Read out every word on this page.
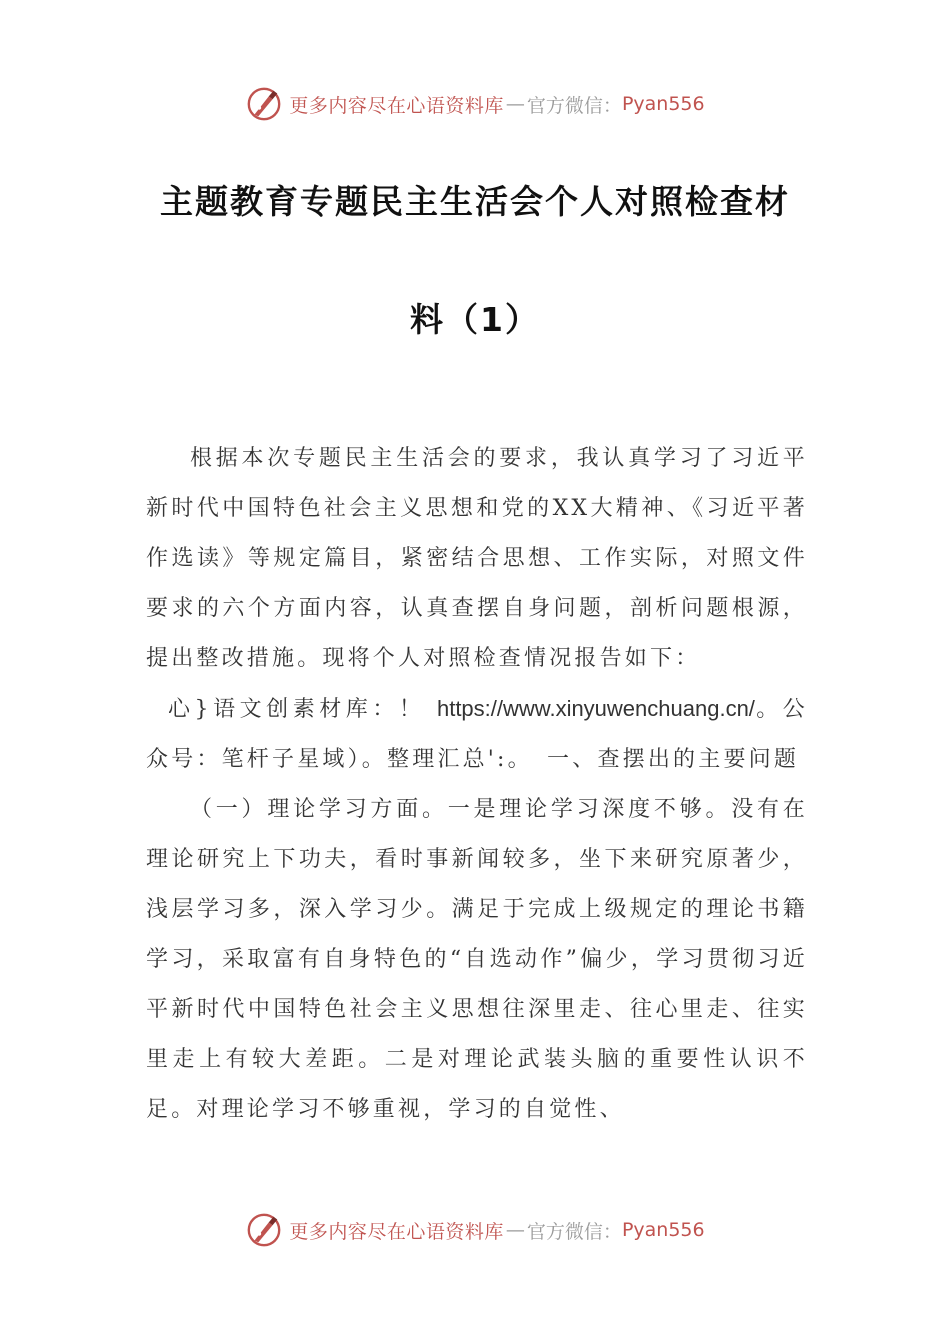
更多内容尽在心语资料库 — 官方微信： Pyan556
主题教育专题民主生活会个人对照检查材
料（1）

根据本次专题民主生活会的要求，我认真学习了习近平新时代中国特色社会主义思想和党的XX大精神、《习近平著作选读》等规定篇目，紧密结合思想、工作实际，对照文件要求的六个方面内容，认真查摆自身问题，剖析问题根源，提出整改措施。现将个人对照检查情况报告如下：

心}语文创素材库：！ https://www.xinyuwenchuang.cn/。公众号：笔杆子星域）。整理汇总':。　一、查摆出的主要问题

（一）理论学习方面。一是理论学习深度不够。没有在理论研究上下功夫，看时事新闻较多，坐下来研究原著少，浅层学习多，深入学习少。满足于完成上级规定的理论书籍学习，采取富有自身特色的“自选动作”偏少，学习贯彻习近平新时代中国特色社会主义思想往深里走、往心里走、往实里走上有较大差距。二是对理论武装头脑的重要性认识不足。对理论学习不够重视，学习的自觉性、

更多内容尽在心语资料库 — 官方微信： Pyan556
